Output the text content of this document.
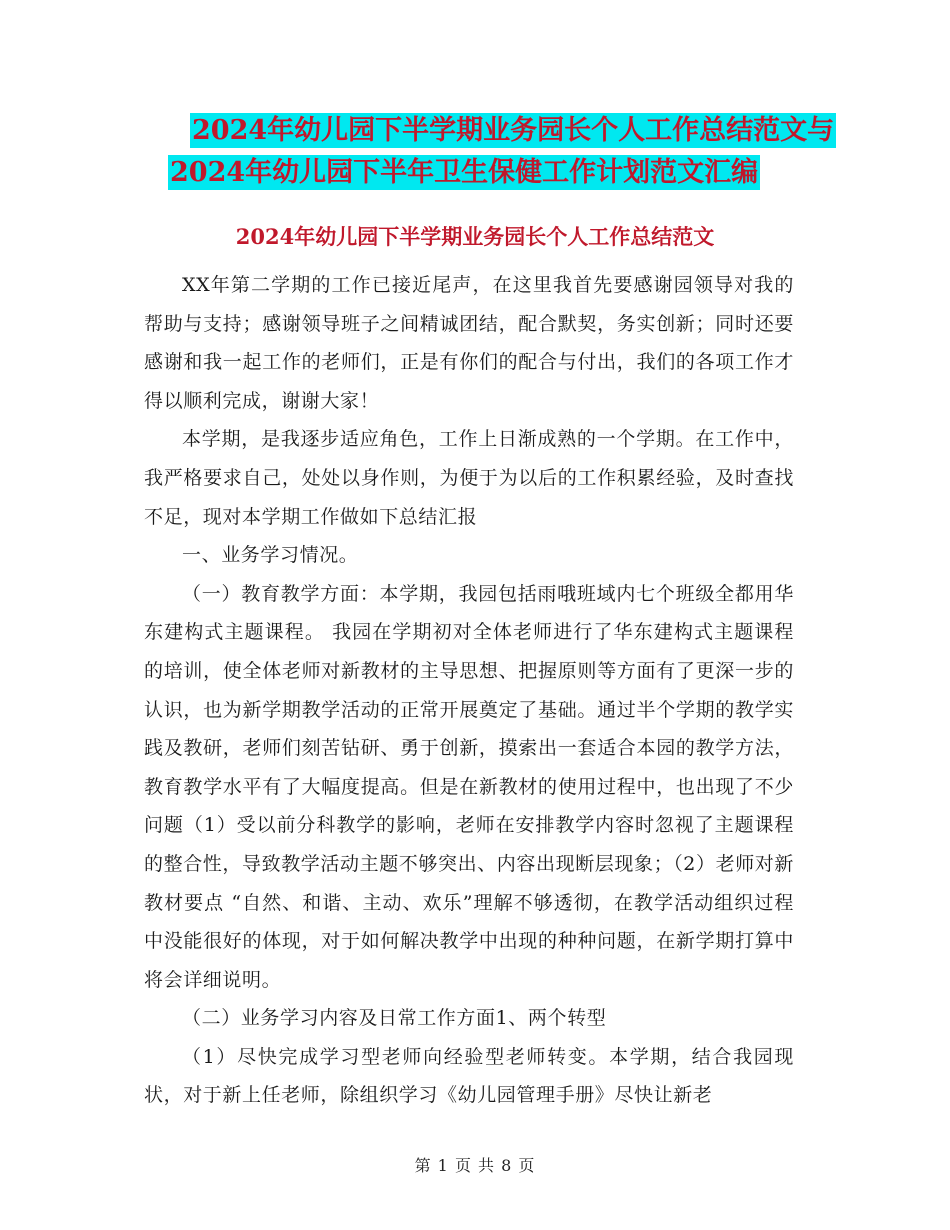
2024年幼儿园下半学期业务园长个人工作总结范文与
2024年幼儿园下半年卫生保健工作计划范文汇编
2024年幼儿园下半学期业务园长个人工作总结范文

XX年第二学期的工作已接近尾声，在这里我首先要感谢园领导对我的帮助与支持；感谢领导班子之间精诚团结，配合默契，务实创新；同时还要感谢和我一起工作的老师们，正是有你们的配合与付出，我们的各项工作才得以顺利完成，谢谢大家！

本学期，是我逐步适应角色，工作上日渐成熟的一个学期。在工作中，我严格要求自己，处处以身作则，为便于为以后的工作积累经验，及时查找不足，现对本学期工作做如下总结汇报

一、业务学习情况。

（一）教育教学方面：本学期，我园包括雨哦班域内七个班级全都用华东建构式主题课程。 我园在学期初对全体老师进行了华东建构式主题课程的培训，使全体老师对新教材的主导思想、把握原则等方面有了更深一步的认识，也为新学期教学活动的正常开展奠定了基础。通过半个学期的教学实践及教研，老师们刻苦钻研、勇于创新，摸索出一套适合本园的教学方法，教育教学水平有了大幅度提高。但是在新教材的使用过程中，也出现了不少问题（1）受以前分科教学的影响，老师在安排教学内容时忽视了主题课程的整合性，导致教学活动主题不够突出、内容出现断层现象；（2）老师对新教材要点 “自然、和谐、主动、欢乐”理解不够透彻，在教学活动组织过程中没能很好的体现，对于如何解决教学中出现的种种问题，在新学期打算中将会详细说明。

（二）业务学习内容及日常工作方面1、两个转型

（1）尽快完成学习型老师向经验型老师转变。本学期，结合我园现状，对于新上任老师，除组织学习《幼儿园管理手册》尽快让新老

第 1 页 共 8 页
